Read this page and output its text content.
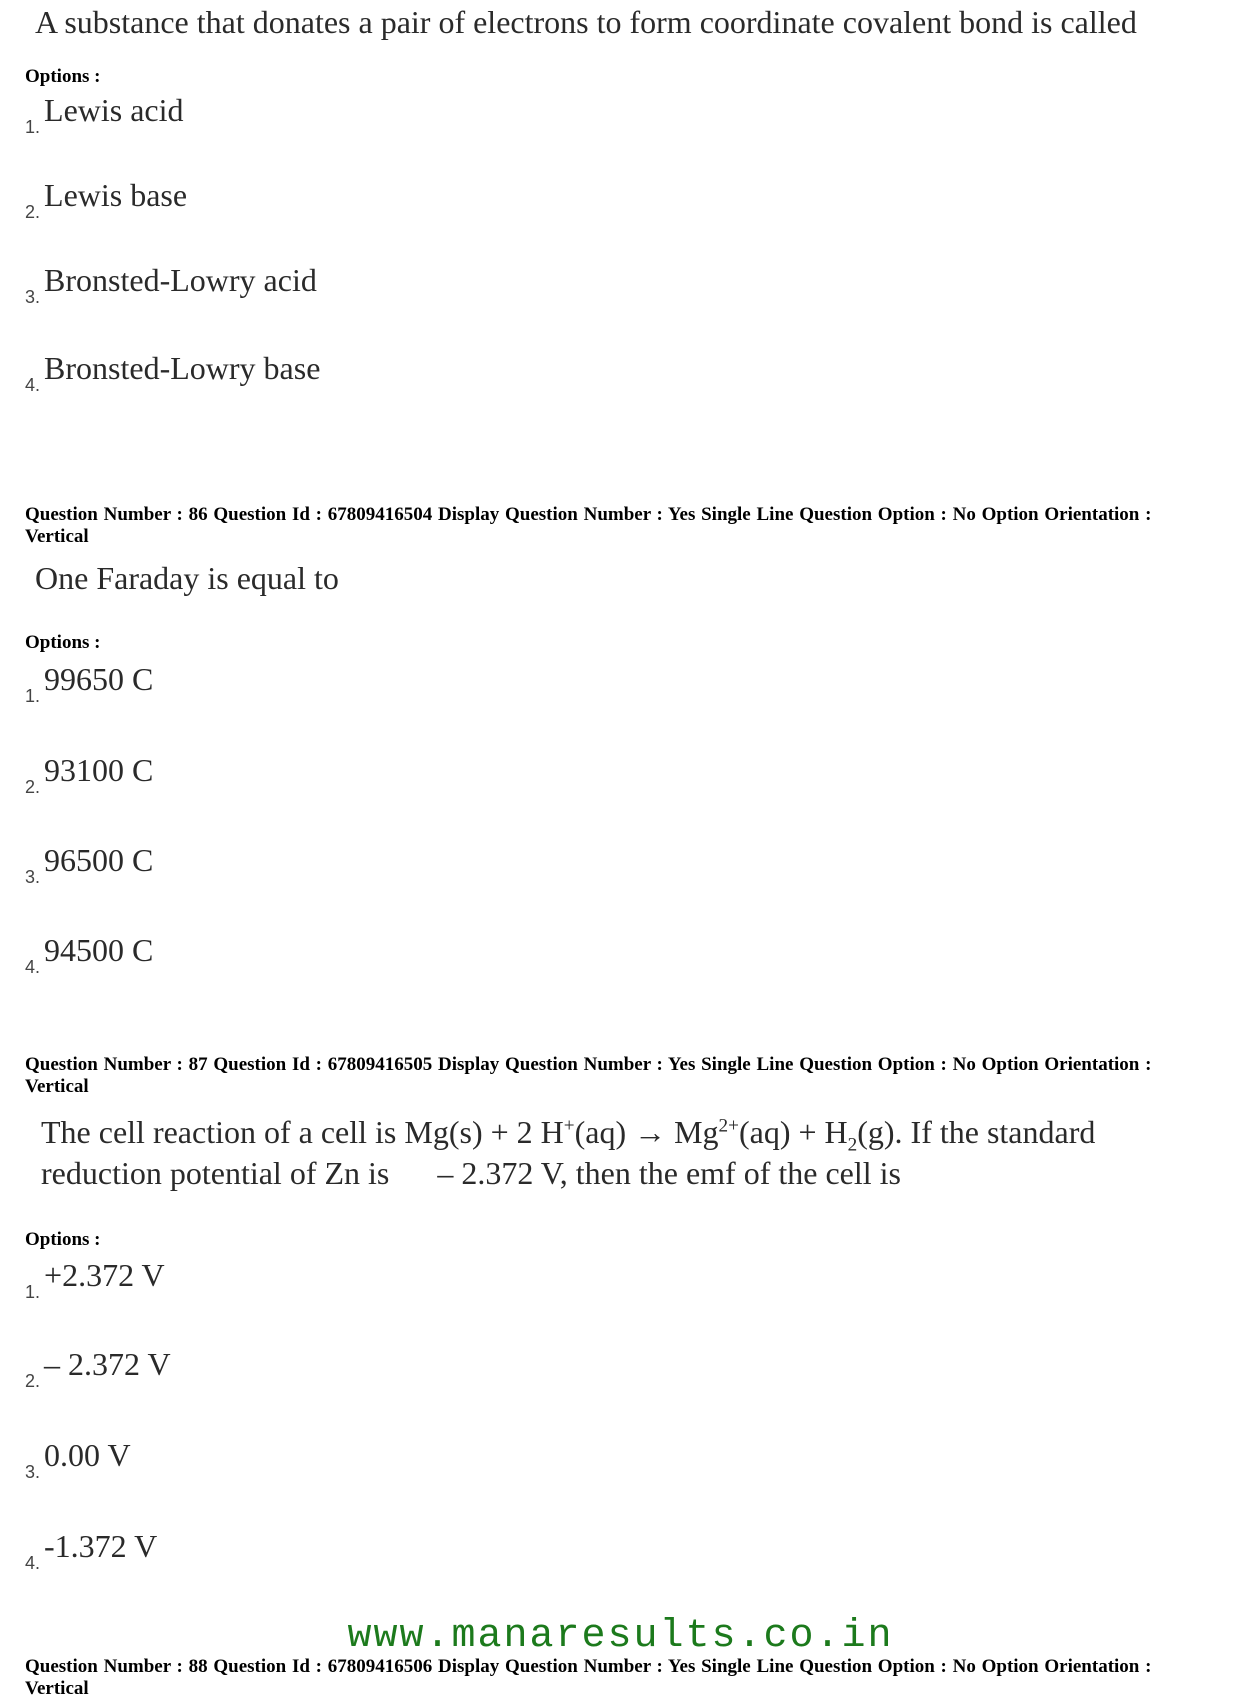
A substance that donates a pair of electrons to form coordinate covalent bond is called
Options :
1. Lewis acid
2. Lewis base
3. Bronsted-Lowry acid
4. Bronsted-Lowry base
Question Number : 86 Question Id : 67809416504 Display Question Number : Yes Single Line Question Option : No Option Orientation : Vertical
One Faraday is equal to
Options :
1. 99650 C
2. 93100 C
3. 96500 C
4. 94500 C
Question Number : 87 Question Id : 67809416505 Display Question Number : Yes Single Line Question Option : No Option Orientation : Vertical
The cell reaction of a cell is Mg(s) + 2 $H^+(aq) \to Mg^{2+}(aq) + H_2(g)$. If the standard
reduction potential of Zn is      – 2.372 V, then the emf of the cell is
Options :
1. +2.372 V
2. – 2.372 V
3. 0.00 V
4. -1.372 V
www.manaresults.co.in
Question Number : 88 Question Id : 67809416506 Display Question Number : Yes Single Line Question Option : No Option Orientation : Vertical
